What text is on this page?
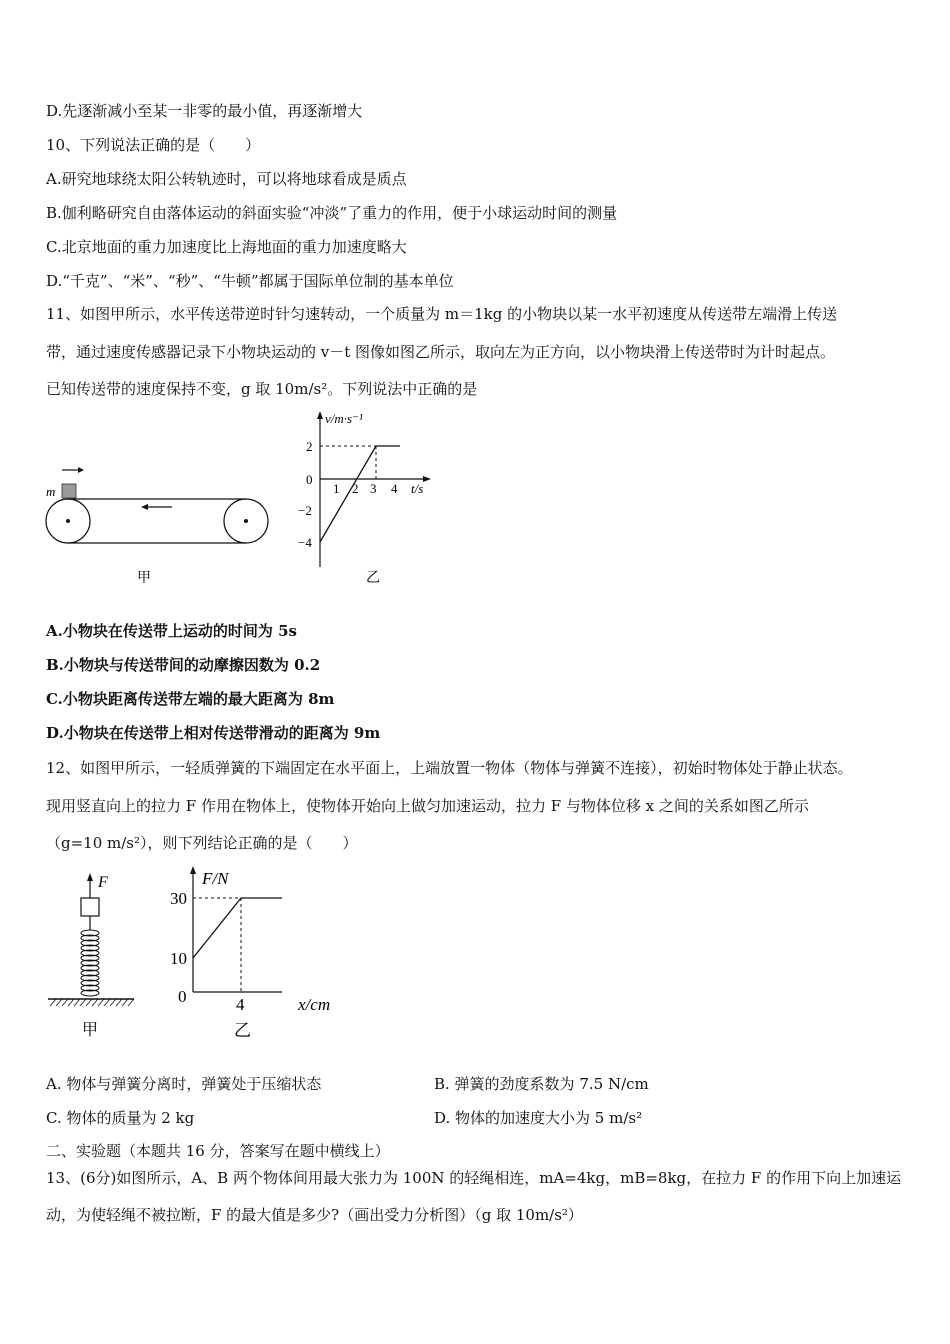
D.先逐渐减小至某一非零的最小值，再逐渐增大
10、下列说法正确的是（　　）
A.研究地球绕太阳公转轨迹时，可以将地球看成是质点
B.伽利略研究自由落体运动的斜面实验“冲淡”了重力的作用，便于小球运动时间的测量
C.北京地面的重力加速度比上海地面的重力加速度略大
D.“千克”、“米”、“秒”、“牛顿”都属于国际单位制的基本单位
11、如图甲所示，水平传送带逆时针匀速转动，一个质量为 m＝1kg 的小物块以某一水平初速度从传送带左端滑上传送
带，通过速度传感器记录下小物块运动的 v－t 图像如图乙所示，取向左为正方向，以小物块滑上传送带时为计时起点。
已知传送带的速度保持不变，g 取 10m/s²。下列说法中正确的是
m
甲
v/m·s⁻¹
t/s
2
0
−2
−4
1 2 3 4
乙
A.小物块在传送带上运动的时间为 5s
B.小物块与传送带间的动摩擦因数为 0.2
C.小物块距离传送带左端的最大距离为 8m
D.小物块在传送带上相对传送带滑动的距离为 9m
12、如图甲所示，一轻质弹簧的下端固定在水平面上，上端放置一物体（物体与弹簧不连接），初始时物体处于静止状态。
现用竖直向上的拉力 F 作用在物体上，使物体开始向上做匀加速运动，拉力 F 与物体位移 x 之间的关系如图乙所示
（g=10 m/s²），则下列结论正确的是（　　）
F
甲
F/N
x/cm
30
10
0	4
乙
A. 物体与弹簧分离时，弹簧处于压缩状态	B. 弹簧的劲度系数为 7.5 N/cm
C. 物体的质量为 2 kg	D. 物体的加速度大小为 5 m/s²
二、实验题（本题共 16 分，答案写在题中横线上）
13、(6分)如图所示，A、B 两个物体间用最大张力为 100N 的轻绳相连，mA=4kg，mB=8kg，在拉力 F 的作用下向上加速运
动，为使轻绳不被拉断，F 的最大值是多少?（画出受力分析图）（g 取 10m/s²）
